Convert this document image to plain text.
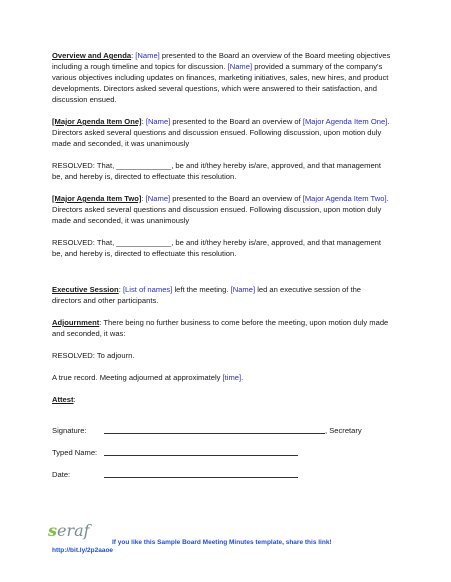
Overview and Agenda: [Name] presented to the Board an overview of the Board meeting objectives including a rough timeline and topics for discussion. [Name] provided a summary of the company's various objectives including updates on finances, marketing initiatives, sales, new hires, and product developments. Directors asked several questions, which were answered to their satisfaction, and discussion ensued.

[Major Agenda Item One]: [Name] presented to the Board an overview of [Major Agenda Item One]. Directors asked several questions and discussion ensued. Following discussion, upon motion duly made and seconded, it was unanimously

RESOLVED: That, _____________, be and it/they hereby is/are, approved, and that management be, and hereby is, directed to effectuate this resolution.

[Major Agenda Item Two]: [Name] presented to the Board an overview of [Major Agenda Item Two]. Directors asked several questions and discussion ensued. Following discussion, upon motion duly made and seconded, it was unanimously

RESOLVED: That, _____________, be and it/they hereby is/are, approved, and that management be, and hereby is, directed to effectuate this resolution.

Executive Session: [List of names] left the meeting. [Name] led an executive session of the directors and other participants.

Adjournment: There being no further business to come before the meeting, upon motion duly made and seconded, it was:

RESOLVED: To adjourn.

A true record. Meeting adjourned at approximately [time].

Attest:

Signature:	, Secretary
Typed Name:
Date:
seraf
If you like this Sample Board Meeting Minutes template, share this link!
http://bit.ly/2p2aaoe
